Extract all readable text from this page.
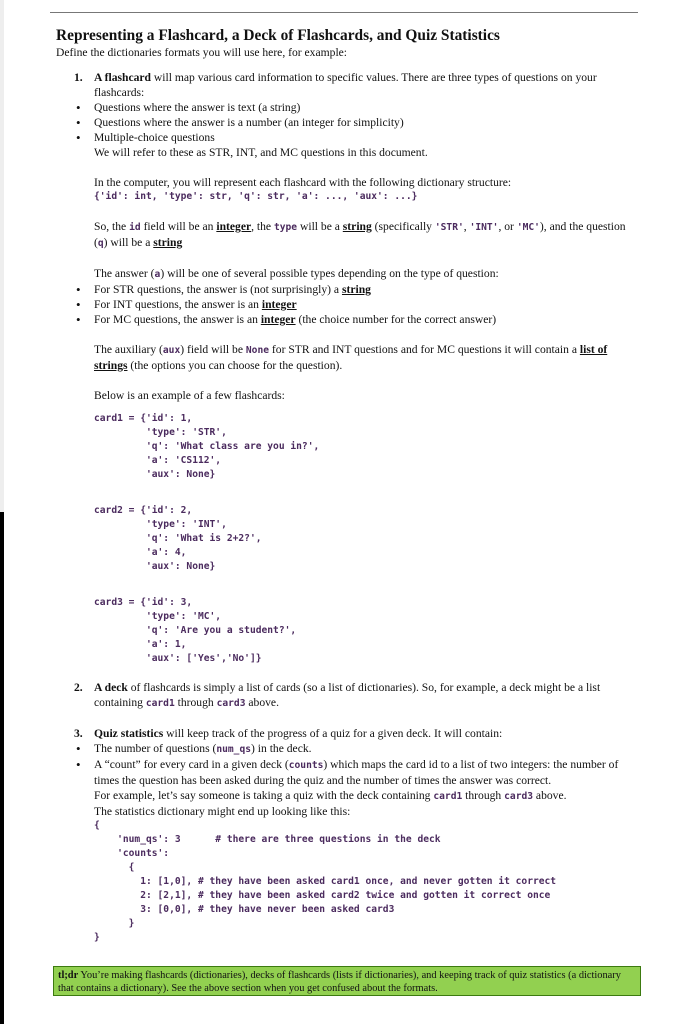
Representing a Flashcard, a Deck of Flashcards, and Quiz Statistics

Define the dictionaries formats you will use here, for example:

1. A flashcard will map various card information to specific values. There are three types of questions on your flashcards:

• Questions where the answer is text (a string)
• Questions where the answer is a number (an integer for simplicity)
• Multiple-choice questions

We will refer to these as STR, INT, and MC questions in this document.

In the computer, you will represent each flashcard with the following dictionary structure:

{'id': int, 'type': str, 'q': str, 'a': ..., 'aux': ...}

So, the id field will be an integer, the type will be a string (specifically 'STR', 'INT', or 'MC'), and the question (q) will be a string

The answer (a) will be one of several possible types depending on the type of question:

• For STR questions, the answer is (not surprisingly) a string
• For INT questions, the answer is an integer
• For MC questions, the answer is an integer (the choice number for the correct answer)

The auxiliary (aux) field will be None for STR and INT questions and for MC questions it will contain a list of strings (the options you can choose for the question).

Below is an example of a few flashcards:

card1 = {'id': 1,
'type': 'STR',
'q': 'What class are you in?',
'a': 'CS112',
'aux': None}
card2 = {'id': 2,
'type': 'INT',
'q': 'What is 2+2?',
'a': 4,
'aux': None}
card3 = {'id': 3,
'type': 'MC',
'q': 'Are you a student?',
'a': 1,
'aux': ['Yes','No']}
2. A deck of flashcards is simply a list of cards (so a list of dictionaries). So, for example, a deck might be a list containing card1 through card3 above.

3. Quiz statistics will keep track of the progress of a quiz for a given deck. It will contain:

• The number of questions (num_qs) in the deck.
• A “count” for every card in a given deck (counts) which maps the card id to a list of two integers: the number of times the question has been asked during the quiz and the number of times the answer was correct.

For example, let’s say someone is taking a quiz with the deck containing card1 through card3 above.

The statistics dictionary might end up looking like this:

{
'num_qs': 3      # there are three questions in the deck
'counts':
{
1: [1,0], # they have been asked card1 once, and never gotten it correct
2: [2,1], # they have been asked card2 twice and gotten it correct once
3: [0,0], # they have never been asked card3
}
}
tl;dr You’re making flashcards (dictionaries), decks of flashcards (lists if dictionaries), and keeping track of quiz statistics (a dictionary that contains a dictionary). See the above section when you get confused about the formats.
